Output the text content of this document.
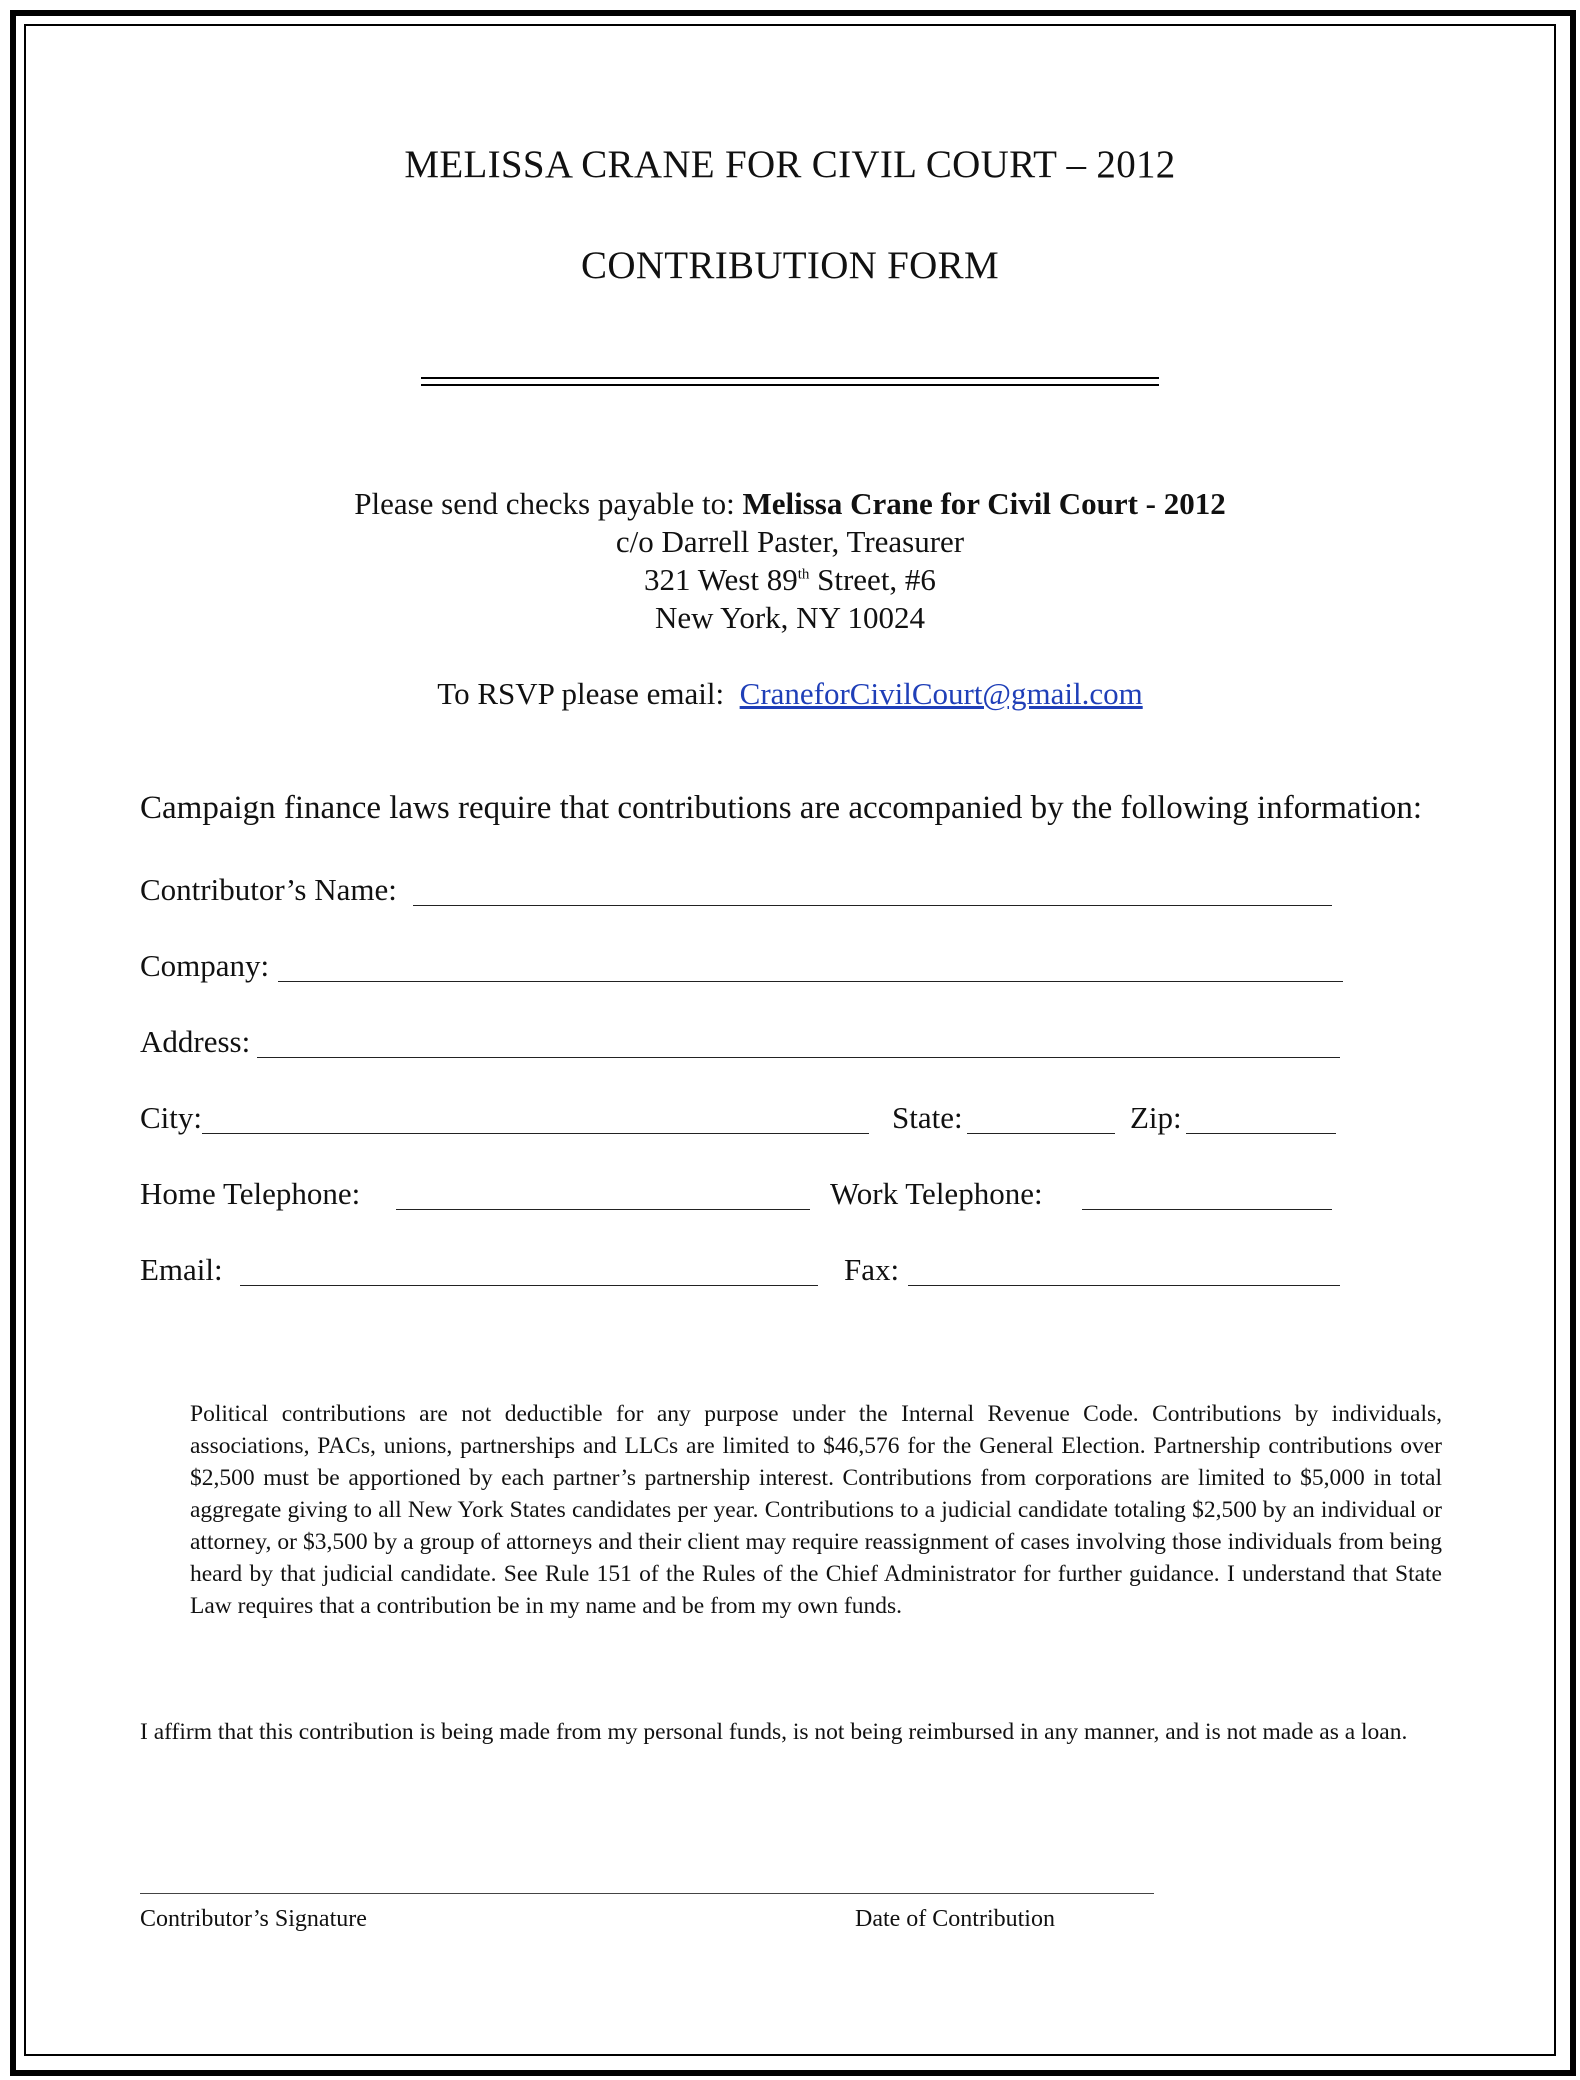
MELISSA CRANE FOR CIVIL COURT – 2012
CONTRIBUTION FORM
Please send checks payable to: Melissa Crane for Civil Court - 2012
c/o Darrell Paster, Treasurer
321 West 89th Street, #6
New York, NY 10024
To RSVP please email: CraneforCivilCourt@gmail.com
Campaign finance laws require that contributions are accompanied by the following information:
Contributor’s Name:
Company:
Address:
City:	State:	Zip:
Home Telephone:	Work Telephone:
Email:	Fax:
Political contributions are not deductible for any purpose under the Internal Revenue Code. Contributions by individuals, associations, PACs, unions, partnerships and LLCs are limited to $46,576 for the General Election. Partnership contributions over $2,500 must be apportioned by each partner’s partnership interest. Contributions from corporations are limited to $5,000 in total aggregate giving to all New York States candidates per year. Contributions to a judicial candidate totaling $2,500 by an individual or attorney, or $3,500 by a group of attorneys and their client may require reassignment of cases involving those individuals from being heard by that judicial candidate. See Rule 151 of the Rules of the Chief Administrator for further guidance. I understand that State Law requires that a contribution be in my name and be from my own funds.
I affirm that this contribution is being made from my personal funds, is not being reimbursed in any manner, and is not made as a loan.
Contributor’s Signature	Date of Contribution
